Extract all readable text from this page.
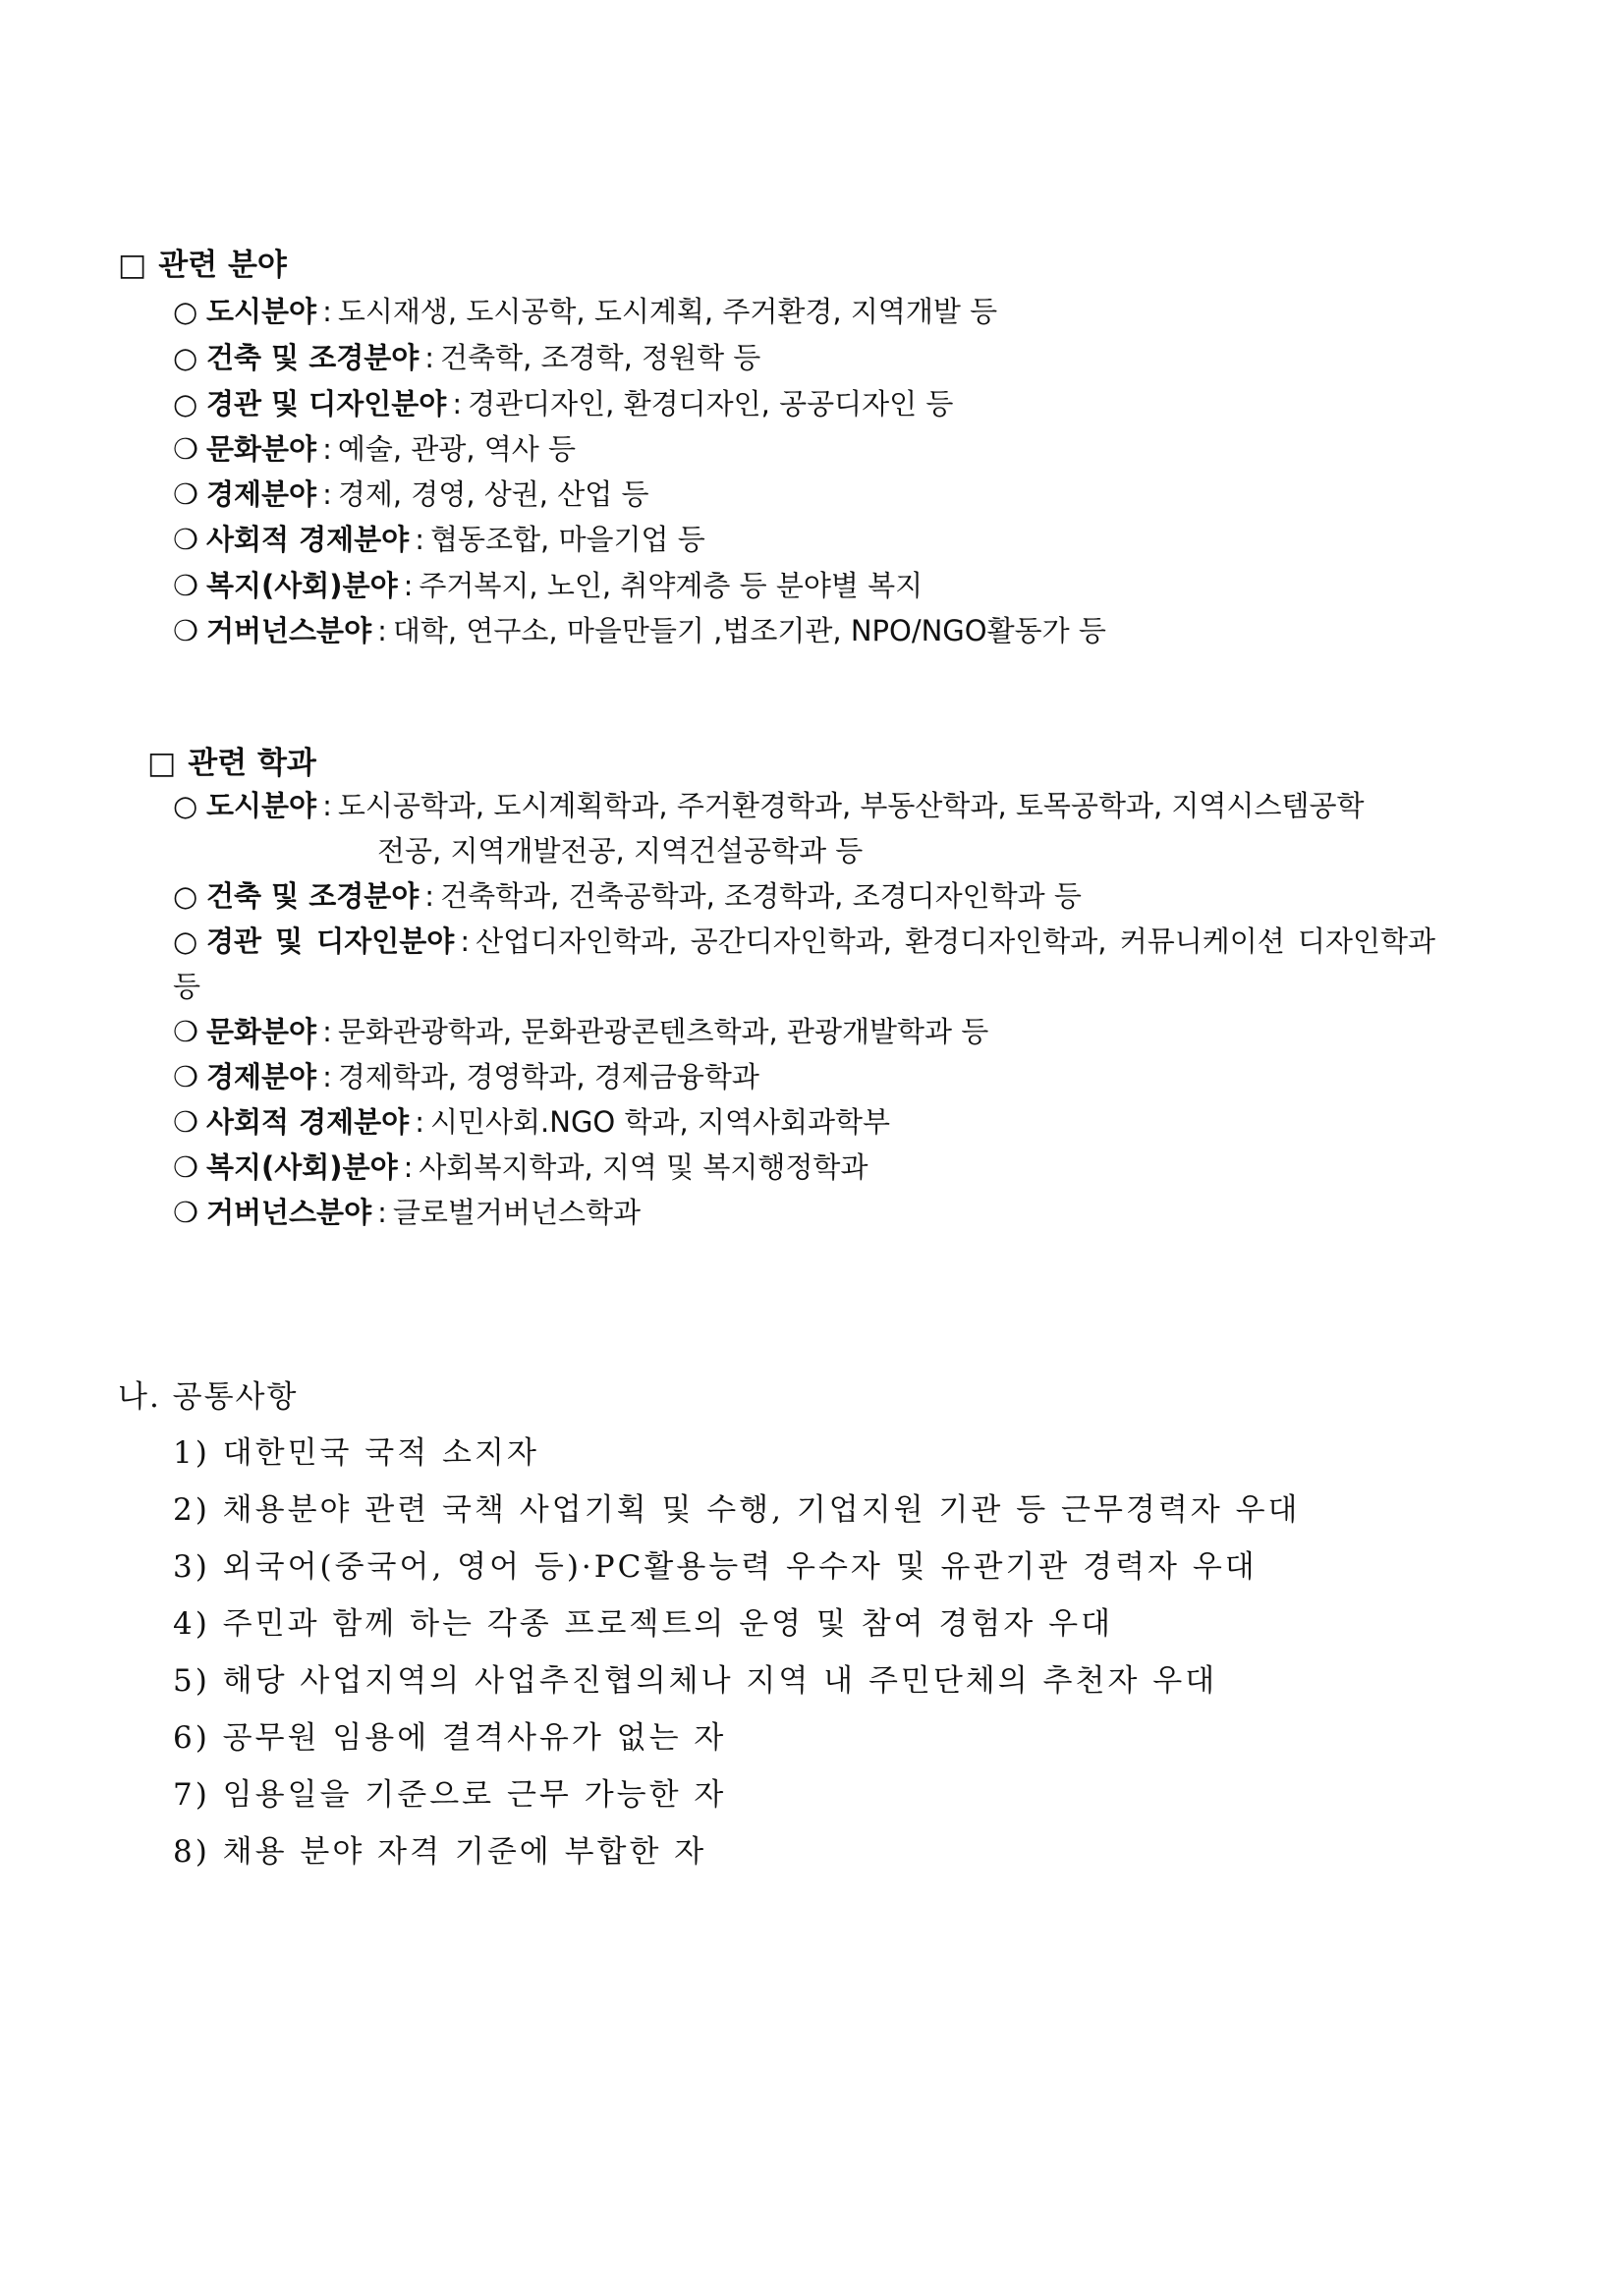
□ 관련 분야
○ 도시분야 : 도시재생, 도시공학, 도시계획, 주거환경, 지역개발 등
○ 건축 및 조경분야 : 건축학, 조경학, 정원학 등
○ 경관 및 디자인분야 : 경관디자인, 환경디자인, 공공디자인 등
❍ 문화분야 : 예술, 관광, 역사 등
❍ 경제분야 : 경제, 경영, 상권, 산업 등
❍ 사회적 경제분야 : 협동조합, 마을기업 등
❍ 복지(사회)분야 : 주거복지, 노인, 취약계층 등 분야별 복지
❍ 거버넌스분야 : 대학, 연구소, 마을만들기 ,법조기관, NPO/NGO활동가 등
□ 관련 학과
○ 도시분야 : 도시공학과, 도시계획학과, 주거환경학과, 부동산학과, 토목공학과, 지역시스템공학
전공, 지역개발전공, 지역건설공학과 등
○ 건축 및 조경분야 : 건축학과, 건축공학과, 조경학과, 조경디자인학과 등
○ 경관 및 디자인분야 : 산업디자인학과, 공간디자인학과, 환경디자인학과, 커뮤니케이션 디자인학과
등
❍ 문화분야 : 문화관광학과, 문화관광콘텐츠학과, 관광개발학과 등
❍ 경제분야 : 경제학과, 경영학과, 경제금융학과
❍ 사회적 경제분야 : 시민사회.NGO 학과, 지역사회과학부
❍ 복지(사회)분야 : 사회복지학과, 지역 및 복지행정학과
❍ 거버넌스분야 : 글로벌거버넌스학과
나. 공통사항
1) 대한민국 국적 소지자
2) 채용분야 관련 국책 사업기획 및 수행, 기업지원 기관 등 근무경력자 우대
3) 외국어(중국어, 영어 등)·PC활용능력 우수자 및 유관기관 경력자 우대
4) 주민과 함께 하는 각종 프로젝트의 운영 및 참여 경험자 우대
5) 해당 사업지역의 사업추진협의체나 지역 내 주민단체의 추천자 우대
6) 공무원 임용에 결격사유가 없는 자
7) 임용일을 기준으로 근무 가능한 자
8) 채용 분야 자격 기준에 부합한 자
